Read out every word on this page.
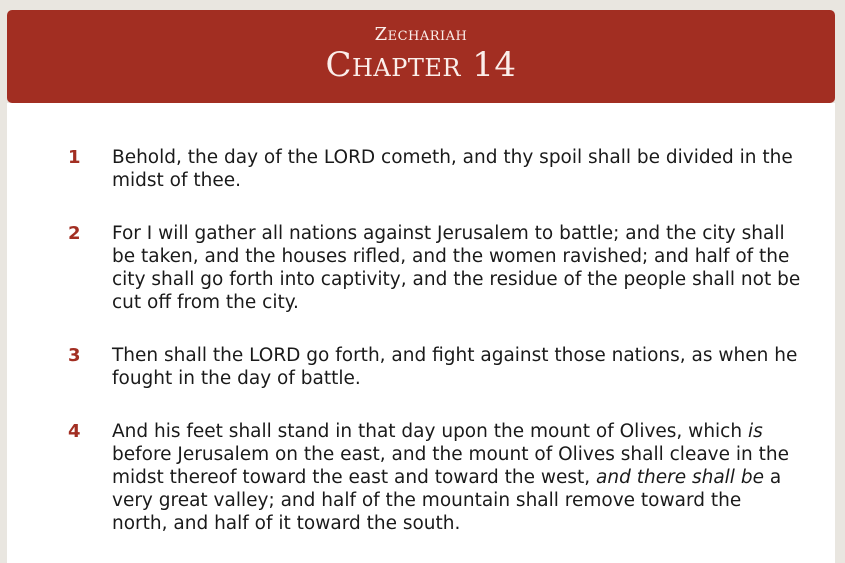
Zechariah
Chapter 14
1 Behold, the day of the LORD cometh, and thy spoil shall be divided in the midst of thee.
2 For I will gather all nations against Jerusalem to battle; and the city shall be taken, and the houses rifled, and the women ravished; and half of the city shall go forth into captivity, and the residue of the people shall not be cut off from the city.
3 Then shall the LORD go forth, and fight against those nations, as when he fought in the day of battle.
4 And his feet shall stand in that day upon the mount of Olives, which is before Jerusalem on the east, and the mount of Olives shall cleave in the midst thereof toward the east and toward the west, and there shall be a very great valley; and half of the mountain shall remove toward the north, and half of it toward the south.
